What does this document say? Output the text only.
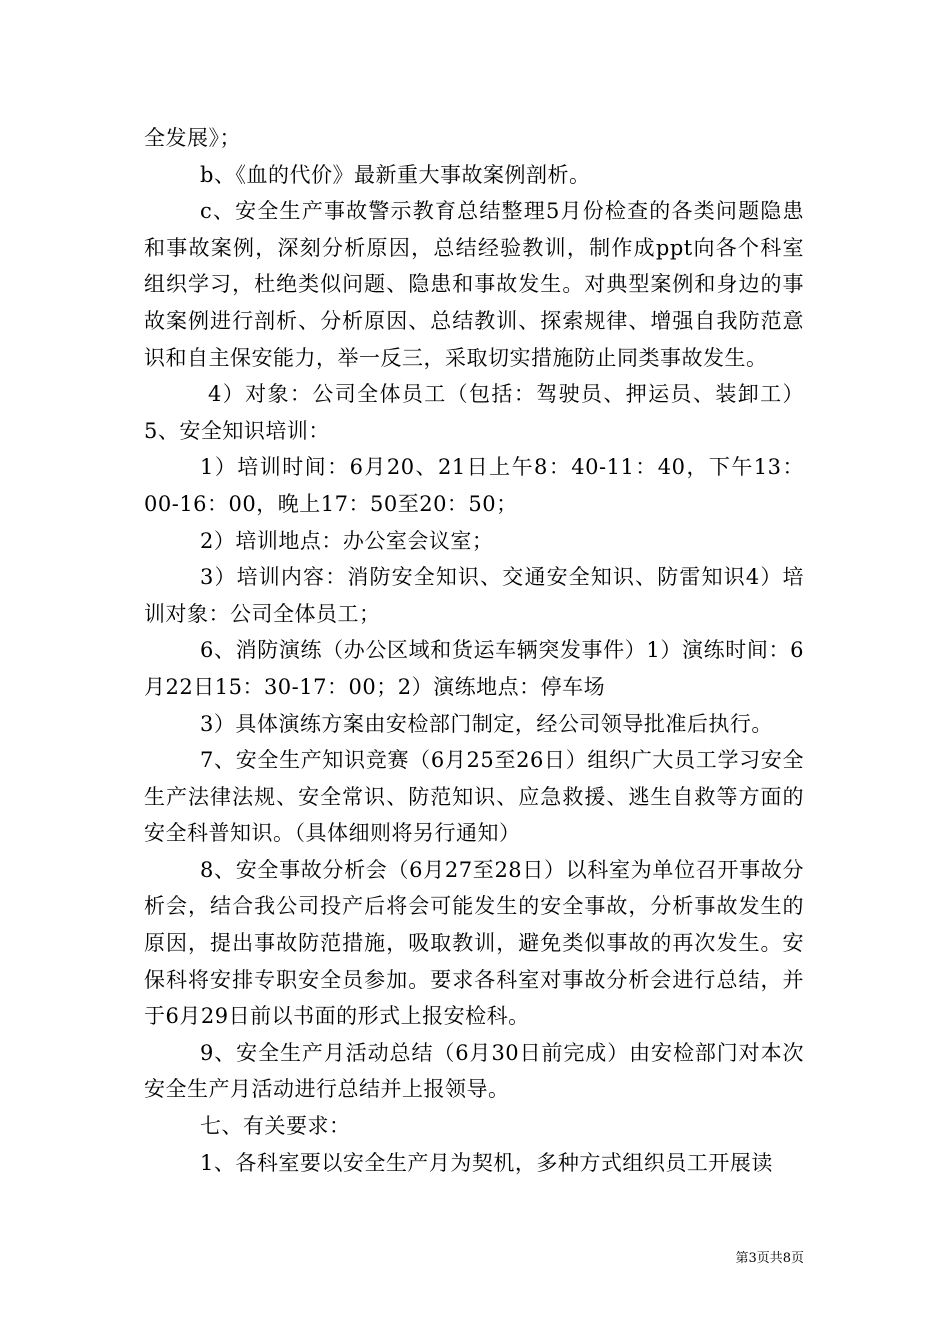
全发展》；

b、《血的代价》最新重大事故案例剖析。

c、安全生产事故警示教育总结整理5月份检查的各类问题隐患和事故案例，深刻分析原因，总结经验教训，制作成ppt向各个科室组织学习，杜绝类似问题、隐患和事故发生。对典型案例和身边的事故案例进行剖析、分析原因、总结教训、探索规律、增强自我防范意识和自主保安能力，举一反三，采取切实措施防止同类事故发生。

4）对象：公司全体员工（包括：驾驶员、押运员、装卸工）5、安全知识培训：

1）培训时间：6月20、21日上午8：40-11：40，下午13：00-16：00，晚上17：50至20：50；

2）培训地点：办公室会议室；

3）培训内容：消防安全知识、交通安全知识、防雷知识4）培训对象：公司全体员工；

6、消防演练（办公区域和货运车辆突发事件）1）演练时间：6月22日15：30-17：00；2）演练地点：停车场

3）具体演练方案由安检部门制定，经公司领导批准后执行。

7、安全生产知识竞赛（6月25至26日）组织广大员工学习安全生产法律法规、安全常识、防范知识、应急救援、逃生自救等方面的安全科普知识。（具体细则将另行通知）

8、安全事故分析会（6月27至28日）以科室为单位召开事故分析会，结合我公司投产后将会可能发生的安全事故，分析事故发生的原因，提出事故防范措施，吸取教训，避免类似事故的再次发生。安保科将安排专职安全员参加。要求各科室对事故分析会进行总结，并于6月29日前以书面的形式上报安检科。

9、安全生产月活动总结（6月30日前完成）由安检部门对本次安全生产月活动进行总结并上报领导。

七、有关要求：

1、各科室要以安全生产月为契机，多种方式组织员工开展读

第3页共8页
